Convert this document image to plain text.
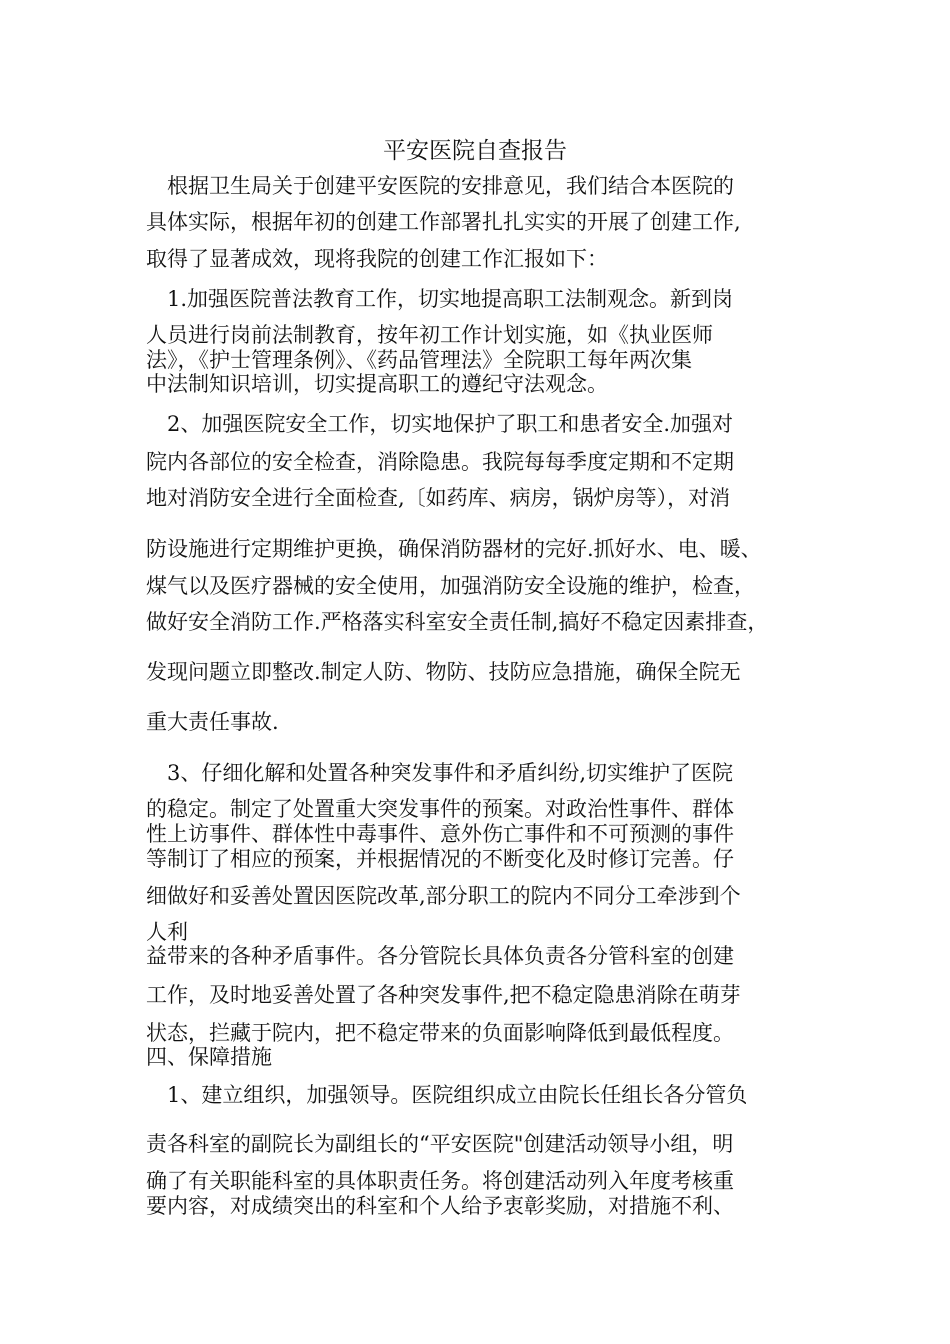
平安医院自查报告
　根据卫生局关于创建平安医院的安排意见，我们结合本医院的
具体实际，根据年初的创建工作部署扎扎实实的开展了创建工作,
取得了显著成效，现将我院的创建工作汇报如下：
　1.加强医院普法教育工作，切实地提高职工法制观念。新到岗
人员进行岗前法制教育，按年初工作计划实施，如《执业医师
法》，《护士管理条例》、《药品管理法》全院职工每年两次集
中法制知识培训，切实提高职工的遵纪守法观念。
　2、加强医院安全工作，切实地保护了职工和患者安全.加强对
院内各部位的安全检查，消除隐患。我院每每季度定期和不定期
地对消防安全进行全面检查,〔如药库、病房，锅炉房等），对消
防设施进行定期维护更换，确保消防器材的完好.抓好水、电、暖、
煤气以及医疗器械的安全使用，加强消防安全设施的维护，检查，
做好安全消防工作.严格落实科室安全责任制,搞好不稳定因素排查，
发现问题立即整改.制定人防、物防、技防应急措施，确保全院无
重大责任事故.
　3、仔细化解和处置各种突发事件和矛盾纠纷,切实维护了医院
的稳定。制定了处置重大突发事件的预案。对政治性事件、群体
性上访事件、群体性中毒事件、意外伤亡事件和不可预测的事件
等制订了相应的预案，并根据情况的不断变化及时修订完善。仔
细做好和妥善处置因医院改革,部分职工的院内不同分工牵涉到个
人利
益带来的各种矛盾事件。各分管院长具体负责各分管科室的创建
工作，及时地妥善处置了各种突发事件,把不稳定隐患消除在萌芽
状态，拦藏于院内，把不稳定带来的负面影响降低到最低程度。
四、保障措施
　1、建立组织，加强领导。医院组织成立由院长任组长各分管负
责各科室的副院长为副组长的“平安医院"创建活动领导小组，明
确了有关职能科室的具体职责任务。将创建活动列入年度考核重
要内容，对成绩突出的科室和个人给予衷彰奖励，对措施不利、
